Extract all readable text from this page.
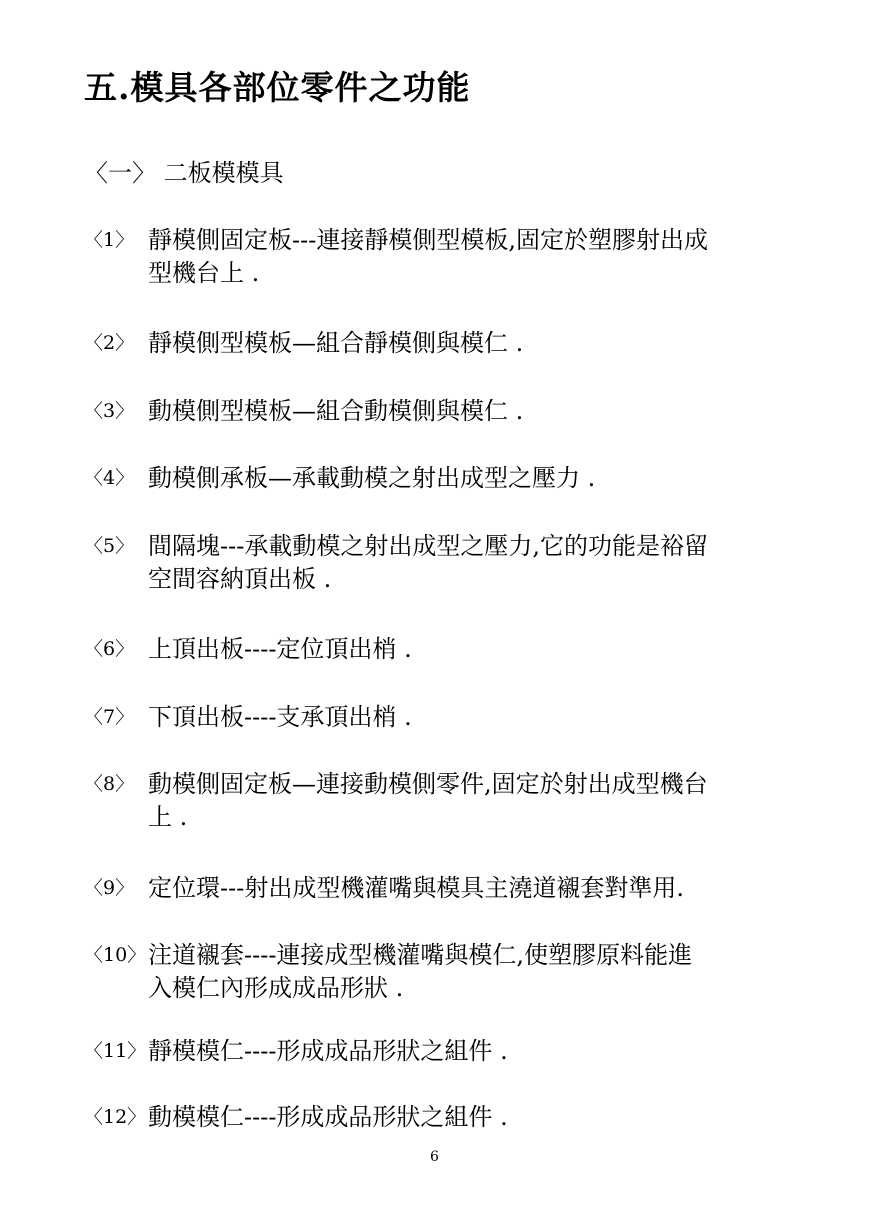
五.模具各部位零件之功能
〈一〉 二板模模具
〈1〉 靜模側固定板---連接靜模側型模板,固定於塑膠射出成
型機台上 .
〈2〉 靜模側型模板—組合靜模側與模仁 .
〈3〉 動模側型模板—組合動模側與模仁 .
〈4〉 動模側承板—承載動模之射出成型之壓力 .
〈5〉 間隔塊---承載動模之射出成型之壓力,它的功能是裕留
空間容納頂出板 .
〈6〉 上頂出板----定位頂出梢 .
〈7〉 下頂出板----支承頂出梢 .
〈8〉 動模側固定板—連接動模側零件,固定於射出成型機台
上 .
〈9〉 定位環---射出成型機灌嘴與模具主澆道襯套對準用.
〈10〉 注道襯套----連接成型機灌嘴與模仁,使塑膠原料能進
入模仁內形成成品形狀 .
〈11〉 靜模模仁----形成成品形狀之組件 .
〈12〉 動模模仁----形成成品形狀之組件 .
6
